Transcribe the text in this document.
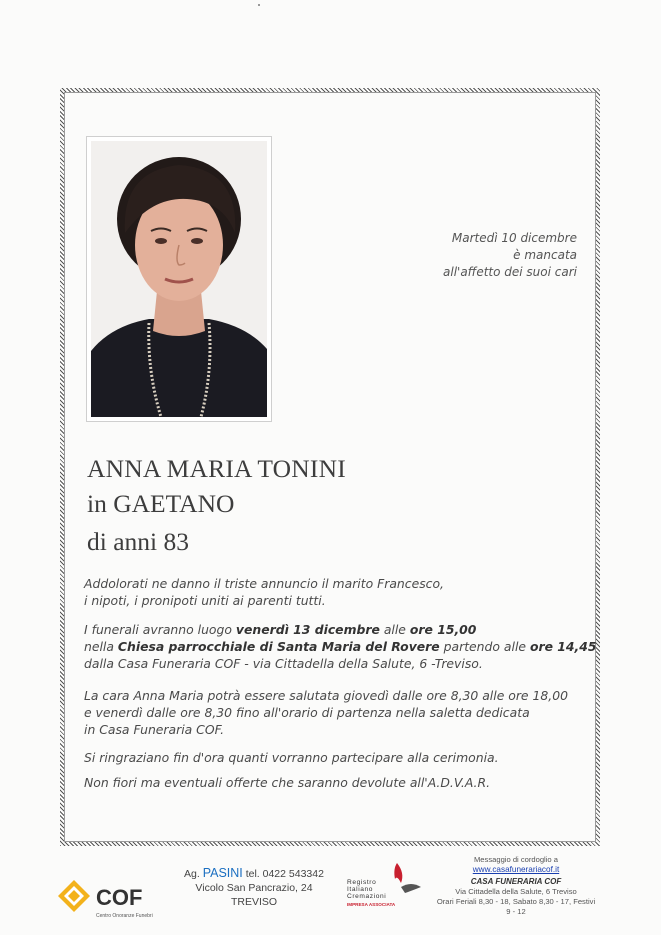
Martedì 10 dicembre
è mancata
all'affetto dei suoi cari
ANNA MARIA TONINI
in GAETANO
di anni 83
Addolorati ne danno il triste annuncio il marito Francesco,
i nipoti, i pronipoti uniti ai parenti tutti.
I funerali avranno luogo venerdì 13 dicembre alle ore 15,00
nella Chiesa parrocchiale di Santa Maria del Rovere partendo alle ore 14,45
dalla Casa Funeraria COF - via Cittadella della Salute, 6 -Treviso.
La cara Anna Maria potrà essere salutata giovedì dalle ore 8,30 alle ore 18,00
e venerdì dalle ore 8,30 fino all'orario di partenza nella saletta dedicata
in Casa Funeraria COF.
Si ringraziano fin d'ora quanti vorranno partecipare alla cerimonia.
Non fiori ma eventuali offerte che saranno devolute all'A.D.V.A.R.
COF
Centro Onoranze Funebri
Ag. PASINI tel. 0422 543342
Vicolo San Pancrazio, 24
TREVISO
Registro
Italiano
Cremazioni
IMPRESA ASSOCIATA
Messaggio di cordoglio a
www.casafunerariacof.it
CASA FUNERARIA COF
Via Cittadella della Salute, 6 Treviso
Orari Feriali 8,30 - 18, Sabato 8,30 - 17, Festivi
9 - 12
